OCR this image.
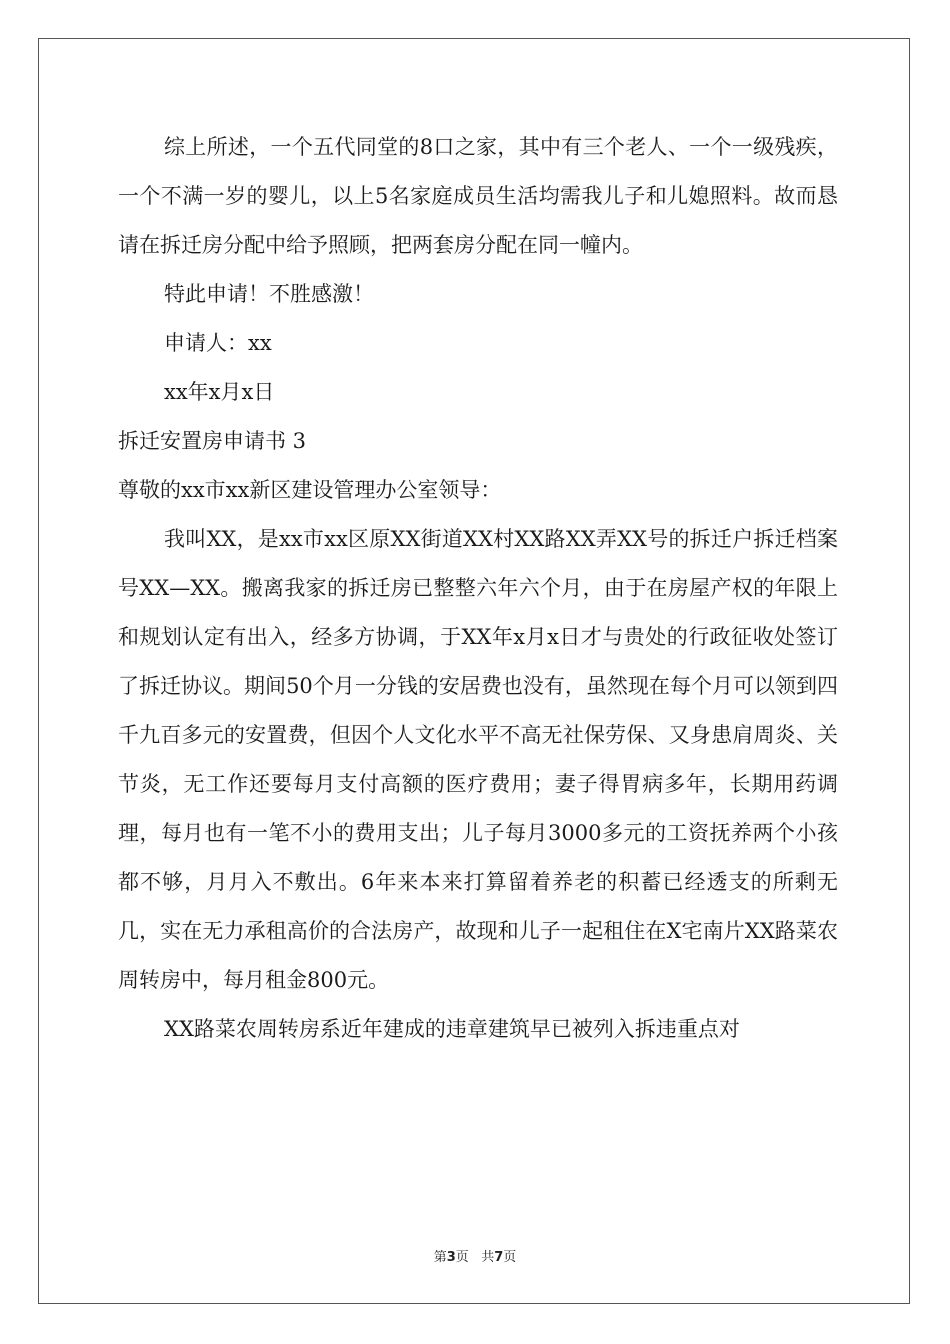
综上所述，一个五代同堂的8口之家，其中有三个老人、一个一级残疾，一个不满一岁的婴儿，以上5名家庭成员生活均需我儿子和儿媳照料。故而恳请在拆迁房分配中给予照顾，把两套房分配在同一幢内。

特此申请！不胜感激！

申请人：xx

xx年x月x日

拆迁安置房申请书 3

尊敬的xx市xx新区建设管理办公室领导：

我叫XX，是xx市xx区原XX街道XX村XX路XX弄XX号的拆迁户拆迁档案号XX—XX。搬离我家的拆迁房已整整六年六个月，由于在房屋产权的年限上和规划认定有出入，经多方协调，于XX年x月x日才与贵处的行政征收处签订了拆迁协议。期间50个月一分钱的安居费也没有，虽然现在每个月可以领到四千九百多元的安置费，但因个人文化水平不高无社保劳保、又身患肩周炎、关节炎，无工作还要每月支付高额的医疗费用；妻子得胃病多年，长期用药调理，每月也有一笔不小的费用支出；儿子每月3000多元的工资抚养两个小孩都不够，月月入不敷出。6年来本来打算留着养老的积蓄已经透支的所剩无几，实在无力承租高价的合法房产，故现和儿子一起租住在X宅南片XX路菜农周转房中，每月租金800元。

XX路菜农周转房系近年建成的违章建筑早已被列入拆违重点对

第3页 共7页
